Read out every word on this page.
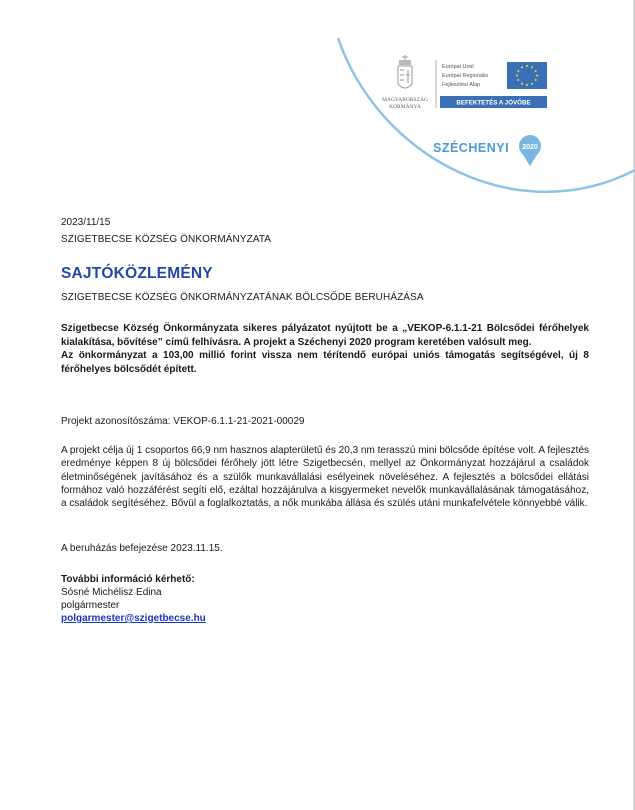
MAGYARORSZÁG
KORMÁNYA
Európai Unió
Európai Regionális
Fejlesztési Alap
BEFEKTETÉS A JÖVŐBE
SZÉCHENYI 2020
2023/11/15
SZIGETBECSE KÖZSÉG ÖNKORMÁNYZATA
SAJTÓKÖZLEMÉNY
SZIGETBECSE KÖZSÉG ÖNKORMÁNYZATÁNAK BÖLCSŐDE BERUHÁZÁSA

Szigetbecse Község Önkormányzata sikeres pályázatot nyújtott be a „VEKOP-6.1.1-21 Bölcsődei férőhelyek kialakítása, bővítése” című felhívásra. A projekt a Széchenyi 2020 program keretében valósult meg.

Az önkormányzat a 103,00 millió forint vissza nem térítendő európai uniós támogatás segítségével, új 8 férőhelyes bölcsődét épített.

Projekt azonosítószáma: VEKOP-6.1.1-21-2021-00029
A projekt célja új 1 csoportos 66,9 nm hasznos alapterületű és 20,3 nm terasszú mini bölcsőde építése volt. A fejlesztés eredménye képpen 8 új bölcsődei férőhely jött létre Szigetbecsén, mellyel az Önkormányzat hozzájárul a családok életminőségének javításához és a szülők munkavállalási esélyeinek növeléséhez. A fejlesztés a bölcsődei ellátási formához való hozzáférést segíti elő, ezáltal hozzájárulva a kisgyermeket nevelők munkavállalásának támogatásához, a családok segítéséhez. Bővül a foglalkoztatás, a nők munkába állása és szülés utáni munkafelvétele könnyebbé válik.
A beruházás befejezése 2023.11.15.
További információ kérhető:
Sósné Michélisz Edina
polgármester
polgarmester@szigetbecse.hu
